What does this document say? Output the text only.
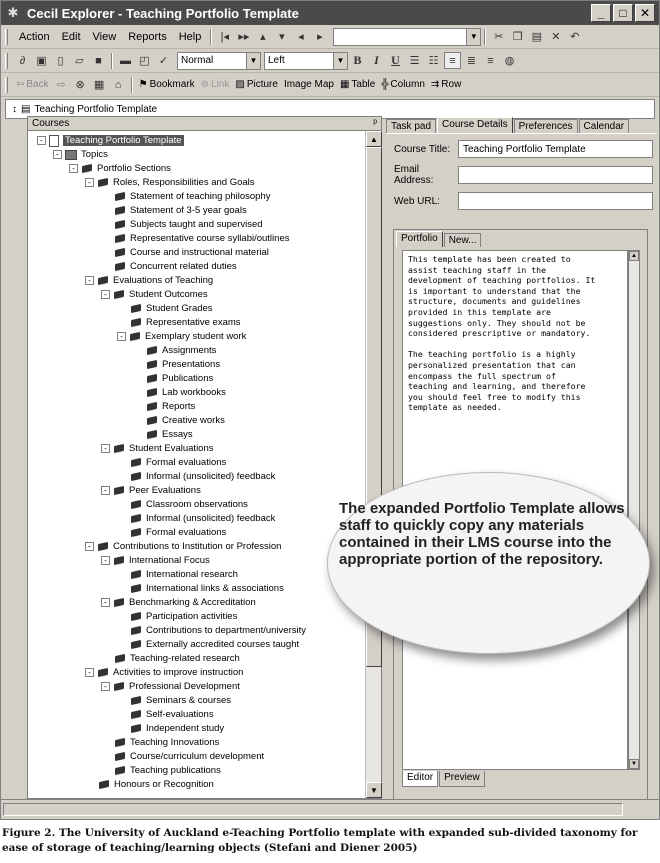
✱ Cecil Explorer - Teaching Portfolio Template	_	□	✕
Action	Edit	View	Reports	Help	|◂ ▸▸ ▴	▾	◂	▸	▼	✂ ❐ ▤ ✕ ↶
∂	▣ ▯	▱	■	▬ ◰ ✓	Normal	▼ Left	▼ B	I	U ☰ ☷ ≡	≣	≡ ◍
⇦ Back ⇨ ⊗ ▦ ⌂	⚑ Bookmark ⊚ Link ▨ Picture Image Map ▦ Table ╬ Column ⇉ Row
↕ ▤ Teaching Portfolio Template
Courses	ᵖ
-	Teaching Portfolio Template
-	Topics
-	Portfolio Sections
-	Roles, Responsibilities and Goals
Statement of teaching philosophy
Statement of 3-5 year goals
Subjects taught and supervised
Representative course syllabi/outlines
Course and instructional material
Concurrent related duties
-	Evaluations of Teaching
-	Student Outcomes
Student Grades
Representative exams
-	Exemplary student work
Assignments
Presentations
Publications
Lab workbooks
Reports
Creative works
Essays
-	Student Evaluations
Formal evaluations
Informal (unsolicited) feedback
-	Peer Evaluations
Classroom observations
Informal (unsolicited) feedback
Formal evaluations
-	Contributions to Institution or Profession
-	International Focus
International research
International links & associations
-	Benchmarking & Accreditation
Participation activities
Contributions to department/university
Externally accredited courses taught
Teaching-related research
-	Activities to improve instruction
-	Professional Development
Seminars & courses
Self-evaluations
Independent study
Teaching Innovations
Course/curriculum development
Teaching publications
Honours or Recognition
▲
▼
Task pad	Course Details	Preferences	Calendar
Course Title:	Teaching Portfolio Template
Email Address:
Web URL:
Portfolio	New...
This template has been created to
assist teaching staff in the
development of teaching portfolios. It
is important to understand that the
structure, documents and guidelines
provided in this template are
suggestions only. They should not be
considered prescriptive or mandatory.

The teaching portfolio is a highly
personalized presentation that can
encompass the full spectrum of
teaching and learning, and therefore
you should feel free to modify this
template as needed.
▲
▼
Editor	Preview

The expanded Portfolio Template allows staff to quickly copy any materials contained in their LMS course into the appropriate portion of the repository.

Figure 2. The University of Auckland e-Teaching Portfolio template with expanded sub-divided taxonomy for ease of storage of teaching/learning objects (Stefani and Diener 2005)
